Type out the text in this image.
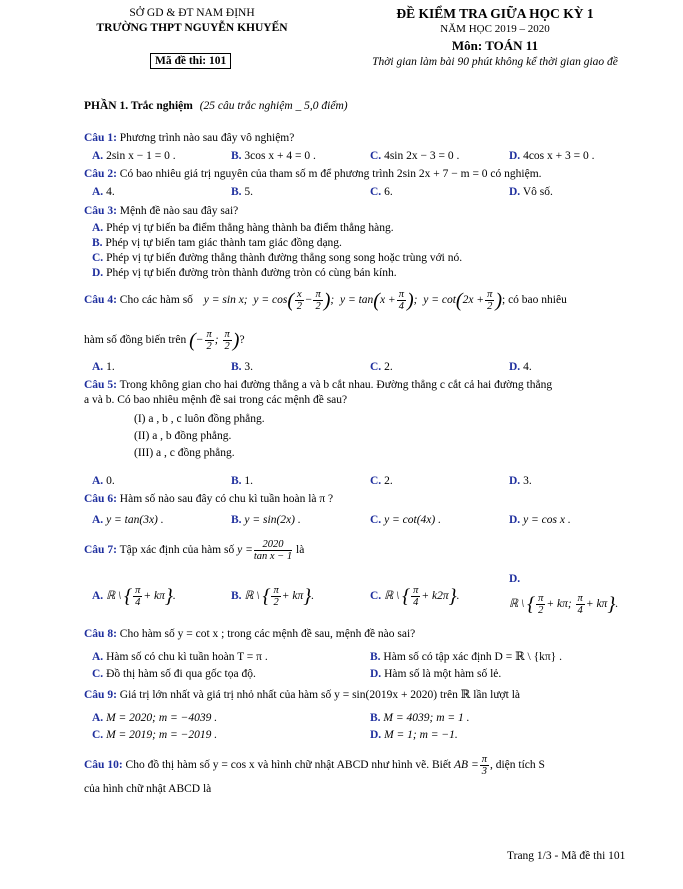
SỞ GD & ĐT NAM ĐỊNH
TRƯỜNG THPT NGUYỄN KHUYẾN
Mã đề thi: 101
ĐỀ KIỂM TRA GIỮA HỌC KỲ 1
NĂM HỌC 2019 – 2020
Môn: TOÁN 11
Thời gian làm bài 90 phút không kể thời gian giao đề
PHẦN 1. Trắc nghiệm (25 câu trắc nghiệm _ 5,0 điểm)
Câu 1: Phương trình nào sau đây vô nghiệm?
A. 2sin x − 1 = 0 .	B. 3cos x + 4 = 0 .	C. 4sin 2x − 3 = 0 .	D. 4cos x + 3 = 0 .
Câu 2: Có bao nhiêu giá trị nguyên của tham số m để phương trình 2sin 2x + 7 − m = 0 có nghiệm.
A. 4.	B. 5.	C. 6.	D. Vô số.
Câu 3: Mệnh đề nào sau đây sai?
A. Phép vị tự biến ba điểm thẳng hàng thành ba điểm thẳng hàng.
B. Phép vị tự biến tam giác thành tam giác đồng dạng.
C. Phép vị tự biến đường thẳng thành đường thẳng song song hoặc trùng với nó.
D. Phép vị tự biến đường tròn thành đường tròn có cùng bán kính.
Câu 4: Cho các hàm số y = sin x;  $y = \cos( \frac{x}{2} - \frac{\pi}{2}$ );  $y = \tan(x + \frac{\pi}{4}$ );  $y = \cot(2x + \frac{\pi}{2}$ ); có bao nhiêu
hàm số đồng biến trên (− $\frac{\pi}{2}$ ; $\frac{\pi}{2}$ )?
A. 1.	B. 3.	C. 2.	D. 4.
Câu 5: Trong không gian cho hai đường thẳng a và b cắt nhau. Đường thẳng c cắt cả hai đường thẳng
a và b. Có bao nhiêu mệnh đề sai trong các mệnh đề sau?
(I) a , b , c luôn đồng phẳng.
(II) a , b đồng phẳng.
(III) a , c đồng phẳng.
A. 0.	B. 1.	C. 2.	D. 3.
Câu 6: Hàm số nào sau đây có chu kì tuần hoàn là π ?
A. y = tan(3x) .	B. y = sin(2x) .	C. y = cot(4x) .	D. y = cos x .
Câu 7: Tập xác định của hàm số $y = \frac{2020}{\text{tan x − 1}}$ là
A. ℝ \ { $\frac{\pi}{4} + k\pi$}.	B. ℝ \ { $\frac{\pi}{2} + k\pi$}.	C. ℝ \ { $\frac{\pi}{4} + k2\pi$}.
D.
ℝ \ { $\frac{\pi}{2} + k\pi$; $\frac{\pi}{4} + k\pi$}.
Câu 8: Cho hàm số y = cot x ; trong các mệnh đề sau, mệnh đề nào sai?
A. Hàm số có chu kì tuần hoàn T = π .	B. Hàm số có tập xác định D = ℝ \ {kπ} .
C. Đồ thị hàm số đi qua gốc tọa độ.	D. Hàm số là một hàm số lẻ.
Câu 9: Giá trị lớn nhất và giá trị nhỏ nhất của hàm số y = sin(2019x + 2020) trên ℝ lần lượt là
A. M = 2020; m = −4039 .	B. M = 4039; m = 1 .
C. M = 2019; m = −2019 .	D. M = 1; m = −1.
Câu 10: Cho đồ thị hàm số y = cos x và hình chữ nhật ABCD như hình vẽ. Biết AB = $\frac{\pi}{3}$ , diện tích S
của hình chữ nhật ABCD là
Trang 1/3 - Mã đề thi 101
